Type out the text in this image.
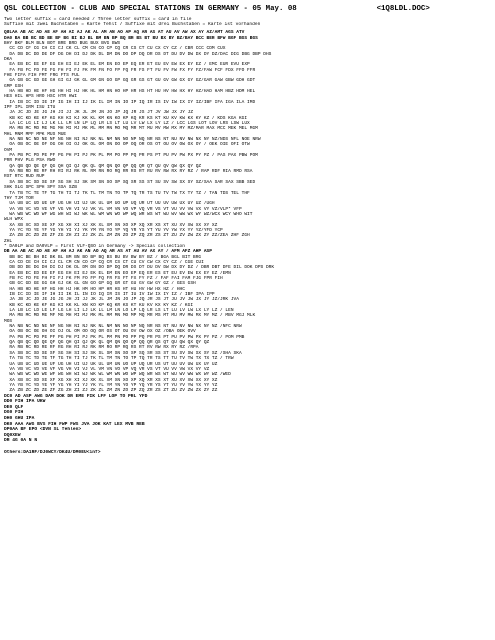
QSL COLLECTION - CLUB AND SPECIAL STATIONS IN GERMANY - 05 May. 08	<1Q8LDL.DOC>
Two letter suffix = card needed / Three letter suffix = card in file
Suffixe mit zwei Buchstaben = Karte fehlt / Suffixe mit drei Buchstaben = Karte ist vorhanden
Q8LAA AB AC AD AE AF AH AI AJ AK AL AM AN AO AP AQ AR AS AT AU AV AW AX AY AZ/AMT AGS ATV
DA0 BA BB BC BD BE BF BG BI BJ BL BM BN BP BQ BR BS BT BU BX BY BZ/BAY BCC BER BFW BGF BGS BGS
BHY BKF BLM BLN BOT BRE BRD BUG BUX BVG BWS
CC CD CF CG CH CI CJ CK CL CM CN CO CP CQ CR CS CT CU CX CY CZ / CBR CCC CDM CUX
DA DB DC DD DE DF DG DH DI DJ DK DL DM DN DO DP DQ DR DS DT DU DV DW DX DY DZ/DAC DIG DBG DBP DHS
DKA
EA EB EC EE EF EG EH EI EJ EK EL EM EN EO EP EQ ER ET EU EV EW EX EY EZ / EMC EUR EVU EXP
FA FB FC FD FE FG FH FI FJ FK FM FN FO FP FQ FR FS FT FU FV FW FX FY FZ/FAW FCF FDX FFO FFR
FHE FIFA FIH FMT FRG FTS FUL
GA GB GC GD GE GH GI GJ GK GL GM GN GO GP GQ GR GS GT GU GV GW GX GY GZ/GAR GAW GBW GDH GDT
GMP GSH
HA HB HD HE HF HG HH HI HJ HK HL HM HN HO HP HR HS HT HU HV HW HX HY HZ/HAD HAM HBZ HDM HEL
HES HIL HPS HRO HSC HTR HWI
IA IB IC ID IE IF IG IH II IJ IK IL IM IN IO IP IQ IR IS IV IW IX IY IZ/IBF IFA IGA ILA IMD
IPF IPL IRM ISU ITU
JA JC JD JE JG JH JI JJ JK JL JM JN JO JP JQ JR JS JT JV JW JX JY JZ
KB KC KD KE KF KG KH KI KJ KK KL KM KN KO KP KQ KR KS KT KU KV KW KX KY KZ / KDS KGA KGI
LA LC LG LI LJ LK LL LM LN LP LQ LR LS LT LU LV LW LX LY LZ / LCC LGS LOT LOV LRS LSW LUX
MA MB MC MD ME MG MH MI MJ MK ML MM MN MO MQ MR MT MU MV MW MX MY MZ/MAR MAX MCC MEK MEL MGM
MHL MNM MPF MPK MUS MUE
NA NB NC ND NE NF NG NH NI NJ NK NL NM NN NO NP NQ NR NS NT NU NV NW NX NY NZ/NDS NFL NOE NRW
OA OB OC OE OF OG OH OI OJ OK OL OM ON OO OP OQ OR OS OT OU OV OW OX OY / OEK OIE OFI OTW
OVM
PA PB PC PD PE PF PG PH PI PJ PK PL PM PO PP PQ PR PS PT PU PV PW PX PY PZ / PAS PAX PBW POM
PRR PHV PLG PSA RWO
QA QB QD QE QF QG QH QI QJ QK QL QM QN QO QP QQ QR QT QU QV QW QX QY QZ
RA RB RD RE RF RH RI RJ RK RL RM RN RO RQ RR RS RT RU RV RW RX RY RZ / RAP RDF RIA RMD RSA
RST RTC RUD RUP
SA SB SC SD SE SF SG SH SJ SK SM SN SO SP SQ SR SS ST SU SV SW SX SY SZ/SAA SAR SAX SBB SED
SHK SLG SPC SPH SPY SSA SZB
TA TB TC TE TF TG TH TI TJ TK TL TM TN TO TP TQ TR TS TU TV TW TX TY TZ / TAN TDS TEL THF
THY TJM TOR
UA UB UC UD UE UF UG UH UI UJ UK UL UM UO UP UQ UR UT UU UV UW UX UY UZ /UGH
VA VB VC VD VE VF VG VH VI VJ VK VL VM VN VO VP VQ VR VS VT VU VV VW VX VY VZ/VLP* VFP
WA WB WC WD WF WG WH WI WJ WK WL WM WN WO WP WQ WR WS WT WU WV WW WX WY WZ/WCX WCY WHO WIT
WLH WPX
XA XB XC XD XE XF XG XH XI XJ XK XL XM XN XO XP XQ XR XS XT XU XV XW XX XY XZ
YA YC YD YE YF YG YH YI YJ YK YM YN YO YP YQ YR YS YT YU YV YW YX YY YZ/YFD YCP
ZA ZB ZC ZD ZE ZF ZG ZH ZI ZJ ZK ZL ZM ZN ZO ZP ZQ ZR ZS ZT ZU ZV ZW ZX ZY ZZ/ZEA ZHF ZGH
ZHL
* DA0LP and DA0VLP = First VLF-QSO in Germany -> Special collection
DB AA AB AC AD AE AF AH AJ AK AN AO AQ AR AS AT AU AV AX AY / AFM AFZ AHP ASP
BB BC BE BH BI BK BL BM BN BO BP BQ BS BU BV BW BY BZ / BGA BGL BIT BRG
CA CD CE CH CI CJ CL CM CN CO CP CQ CR CS CT CU CV CW CX CY CZ / CGE CUI
DB DD DE DG DH DI DJ DK DL DM DN DO DP DQ DR DS DT DU DV DW DX DY DZ / DBR DBT DFE DIL DOK DPS DRK
EA EB EC ED EE EF EG EH EI EJ EK EL EM EN EO EP EQ ER ES ET EU EV EW EX EY EZ /EMN
FB FC FD FE FH FI FJ FK FM FO FP FQ FR FS FT FX FY FZ / FAF FAI FAM FJG FPR FIH
GB GC GD GE GG GH GJ GK GL GN GO GP GQ GR GT GU GV GW GY GZ / GES GSH
HA HB HD HE HF HG HH HJ HK HM HO HP HR HS HT HU HV HW HX HZ / HHC
IB IC ID IE IF IH II IK IL IN IO IQ IR IS IT IU IV IW IX IY IZ / IBF IPA IPP
JA JB JC JD JE JG JG JH JI JJ JK JL JM JN JO JP JQ JR JS JT JU JV JW JX JY JZ/JRK JVA
KB KC KD KE KF KG KI KK KL KN KO KP KQ KR KS KT KU KV KX KY KZ / KGI
LA LB LC LD LE LF LG LH LI LJ LK LL LM LN LO LP LQ LR LS LT LU LV LW LX LY LZ / LEN
MA MB MC MD ME MF MG MH MI MJ MK ML MM MN MO MP MQ MR MS MT MU MV MW MX MY MZ / MBV MGJ MLK
MOS
NA NB NC ND NE NF NG NH NI NJ NK NL NM NN NO NP NQ NR NS NT NU NV NW NX NY NZ /NFC NRW
OA OB OC OE OH OI OJ OL OM OO OQ OR OS OT OU OV OW OX OZ /OBA OEK OVV
PA PB PC PD PE PF PG PH PI PJ PK PL PM PN PO PP PQ PR PS PT PU PV PW PX PY PZ / POM PMB
QA QB QC QD QE QF QG QH QI QJ QK QL QM QN QO QP QQ QR QS QT QU QW QX QY QZ
RA RB RC RD RE RF RG RH RI RJ RK RM RO RP RQ RS RT RV RW RX RY RZ /RPA
SA SB SC SD SE SF SG SH SI SJ SK SL SM SN SO SP SQ SR SS ST SU SV SW SX SY SZ /SHA SKA
TA TB TC TD TE TF TG TH TI TJ TK TL TM TN TO TP TQ TR TS TT TU TV TW TX TX TZ / TRW
UA UB UC UD UE UF UG UH UI UJ UK UL UM UN UO UP UQ UR US UT UU UV UW UX UY UZ
VA VB VC VD VE VF VG VH VI VJ VL VM VN VO VP VQ VR VS VT VU VV VW VX VY VZ
WA WB WC WD WE WF WG WH WI WJ WK WL WM WN WO WP WQ WR WS WT WU WV WW WX WY WZ /WED
XA XB XC XD XE XF XG XH XI XJ XK XL XM XN XO XP XQ XR XS XT XU XV XW XX XY XZ
YA YB YC YD YE YF YG YH YI YJ YK YL YM YN YO YP YQ YR YS YT YU YV YW YX YY YZ
ZA ZB ZC ZD ZE ZF ZG ZH ZI ZJ ZK ZL ZM ZN ZO ZP ZQ ZR ZS ZT ZU ZV ZW ZX ZY ZZ
DC0 AD ASP AWG DAM DOK DR EME FIK LFF LOP TO PRL YFD
DD0 FIH IPA UKW
DE0 QLF
DG0 FIH
DH0 GHU IPA
DK0 AAA AWG BVS FIH FWP FWS JVA JOK KAT LEX MVB REB
DP0AA BF EPO <DVN SL fehlen>
DQ0XEW
DR 4G 0A N N

Others:DA1RF/DJ0WCY/DK4U/DM0EU<inf>
